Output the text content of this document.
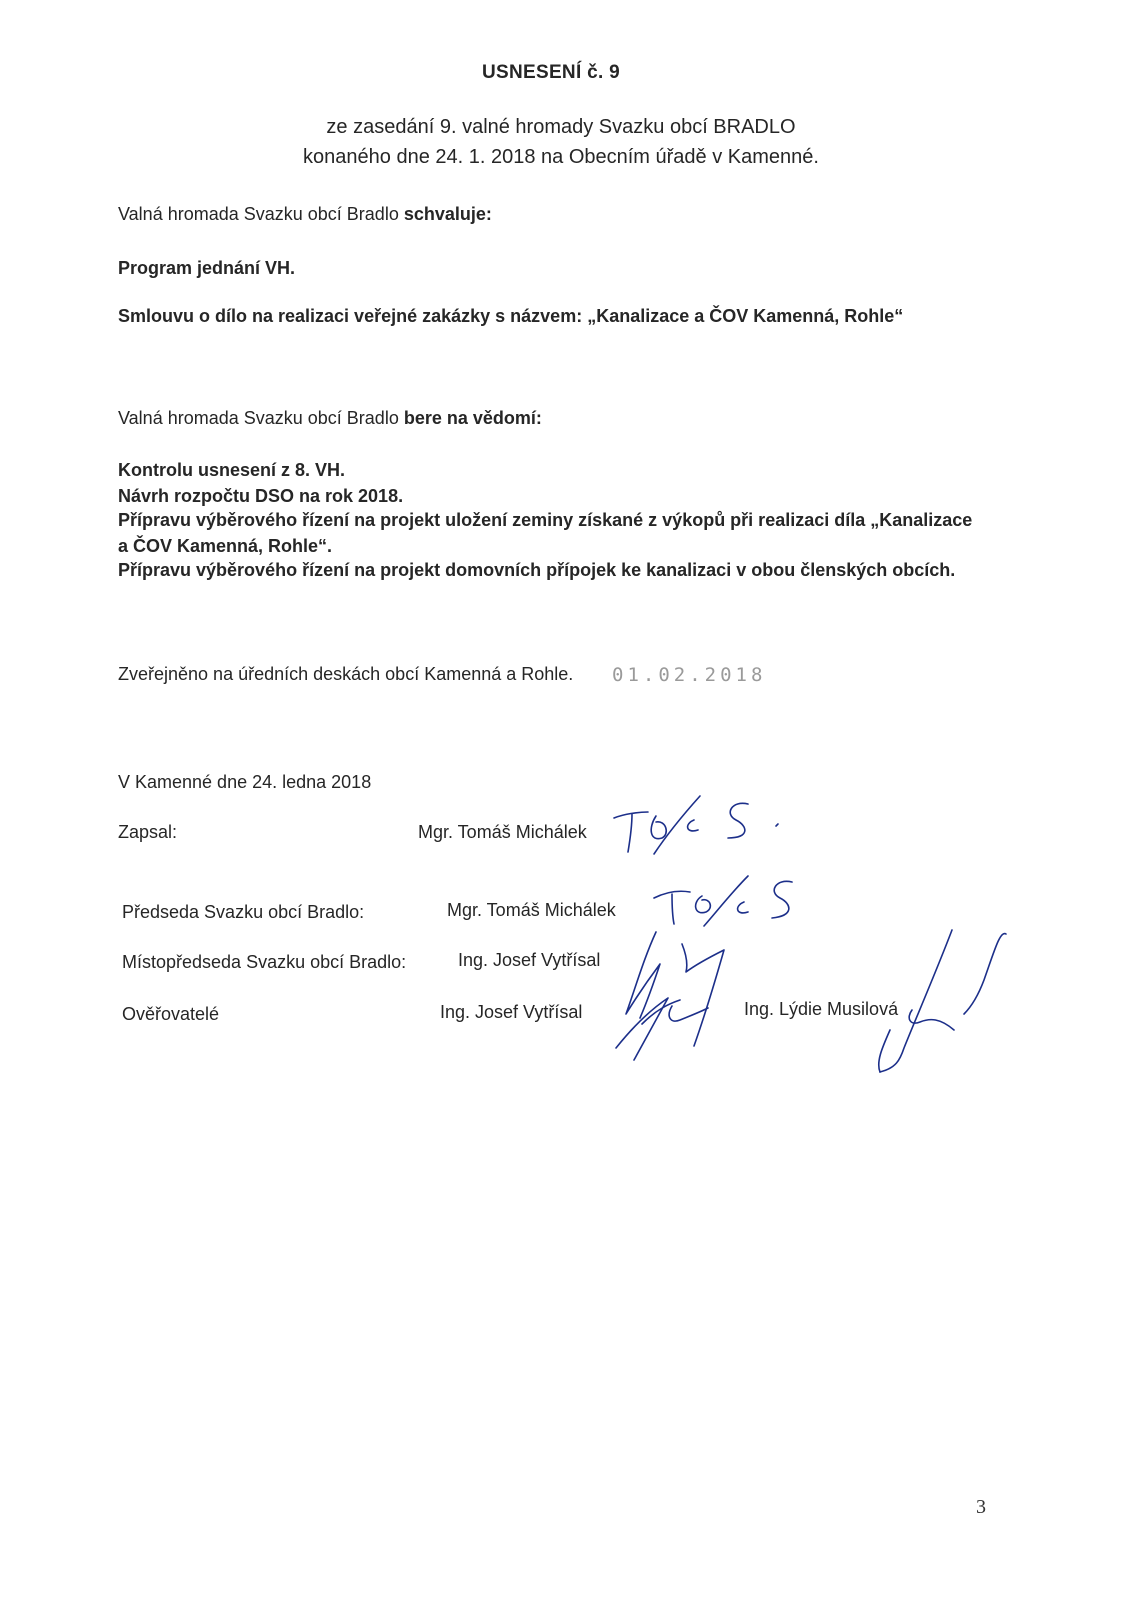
USNESENÍ č. 9
ze zasedání 9. valné hromady Svazku obcí BRADLO
konaného dne 24. 1. 2018 na Obecním úřadě v Kamenné.
Valná hromada Svazku obcí Bradlo schvaluje:
Program jednání VH.
Smlouvu o dílo na realizaci veřejné zakázky s názvem: „Kanalizace a ČOV Kamenná, Rohle“
Valná hromada Svazku obcí Bradlo bere na vědomí:
Kontrolu usnesení z 8. VH.
Návrh rozpočtu DSO na rok 2018.
Přípravu výběrového řízení na projekt uložení zeminy získané z výkopů při realizaci díla „Kanalizace
a ČOV Kamenná, Rohle“.
Přípravu výběrového řízení na projekt domovních přípojek ke kanalizaci v obou členských obcích.
Zveřejněno na úředních deskách obcí Kamenná a Rohle. 01.02.2018
V Kamenné dne 24. ledna 2018
Zapsal:	Mgr. Tomáš Michálek
Předseda Svazku obcí Bradlo:	Mgr. Tomáš Michálek
Místopředseda Svazku obcí Bradlo:	Ing. Josef Vytřísal
Ověřovatelé	Ing. Josef Vytřísal	Ing. Lýdie Musilová
3
